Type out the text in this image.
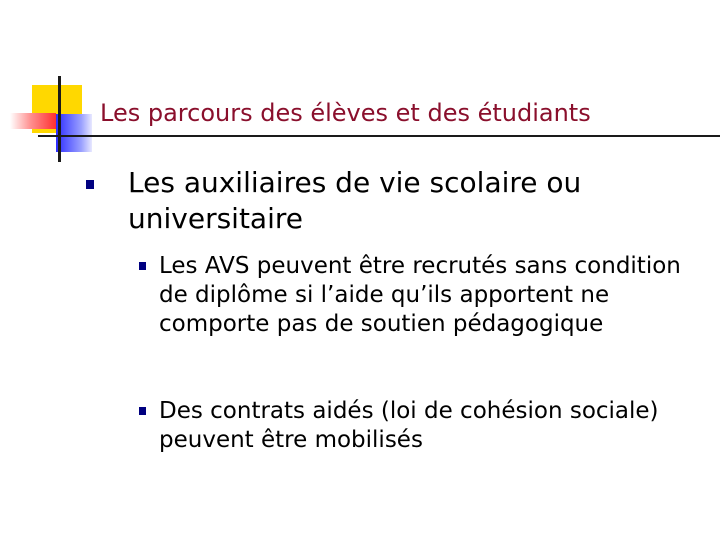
Les parcours des élèves et des étudiants

Les auxiliaires de vie scolaire ou universitaire

Les AVS peuvent être recrutés sans condition de diplôme si l’aide qu’ils apportent ne comporte pas de soutien pédagogique

Des contrats aidés (loi de cohésion sociale) peuvent être mobilisés
